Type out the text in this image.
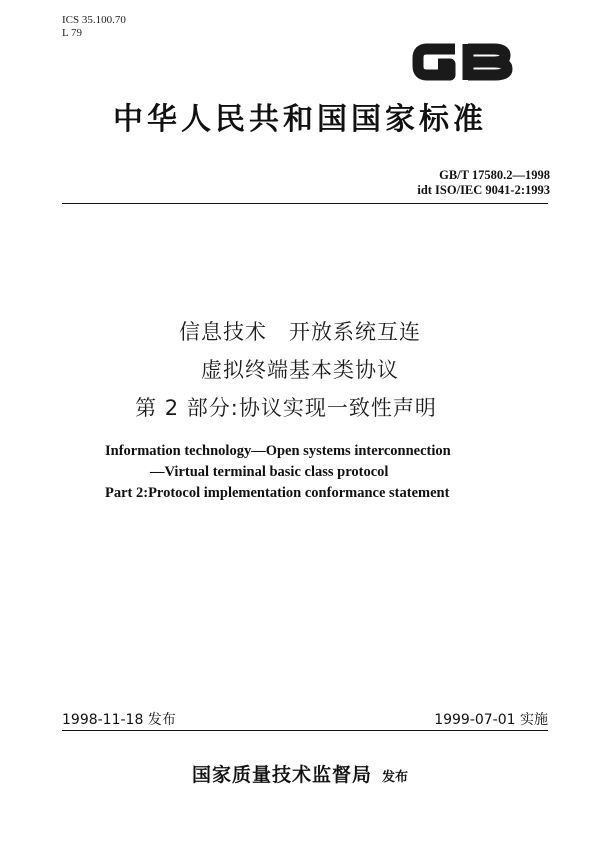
ICS 35.100.70
L 79
GB
中华人民共和国国家标准
GB/T 17580.2—1998
idt ISO/IEC 9041-2:1993
信息技术　开放系统互连
虚拟终端基本类协议
第 2 部分:协议实现一致性声明
Information technology—Open systems interconnection
—Virtual terminal basic class protocol
Part 2:Protocol implementation conformance statement
1998-11-18 发布	1999-07-01 实施
国家质量技术监督局 发布
